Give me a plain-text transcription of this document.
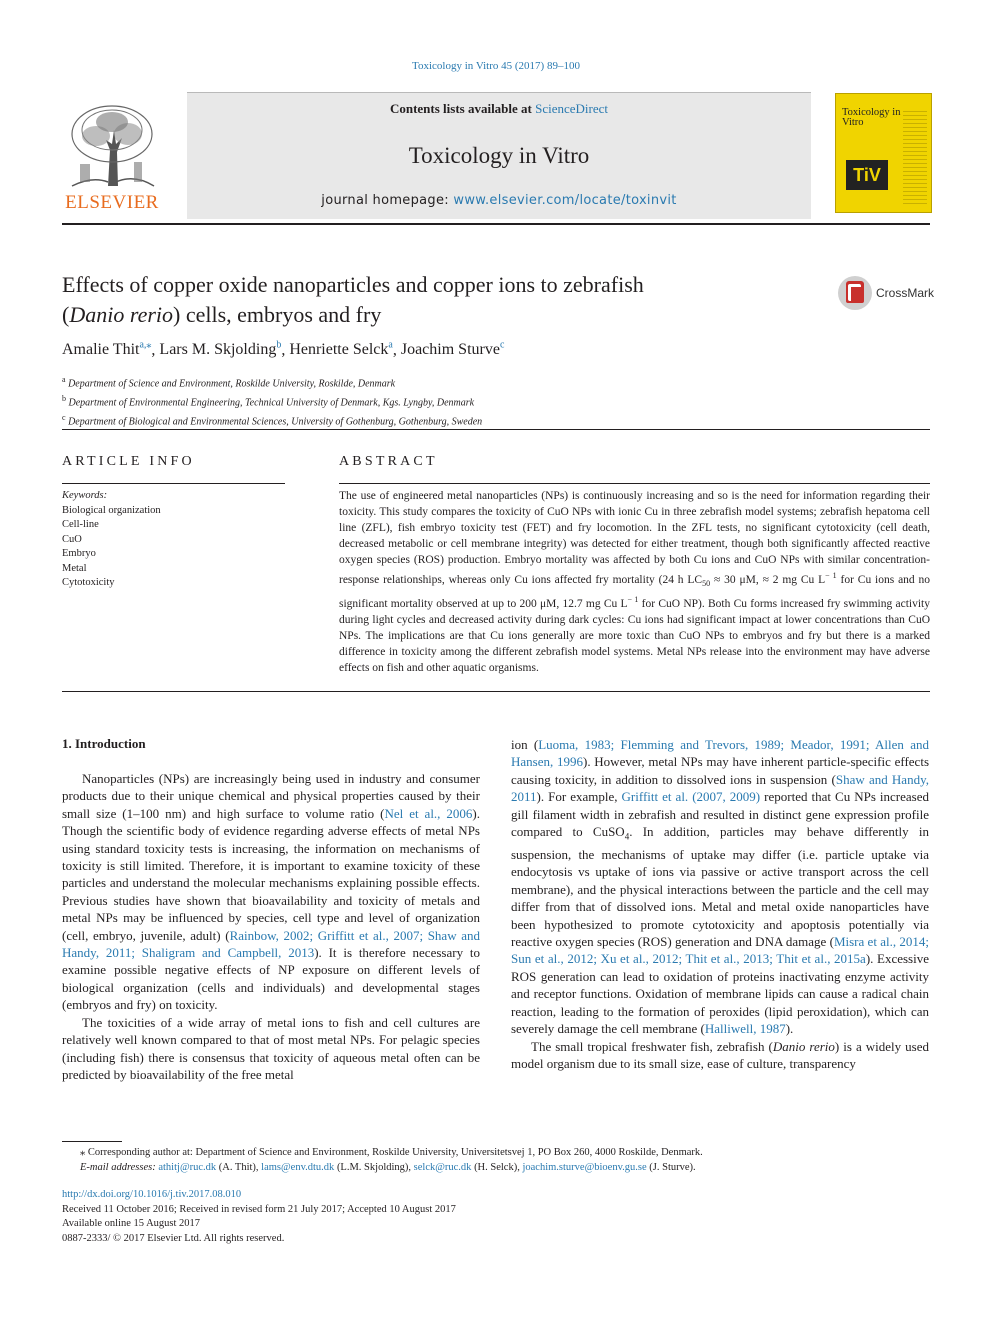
Toxicology in Vitro 45 (2017) 89–100
ELSEVIER
Contents lists available at ScienceDirect
Toxicology in Vitro
journal homepage: www.elsevier.com/locate/toxinvit
Toxicology in Vitro
TiV
Effects of copper oxide nanoparticles and copper ions to zebrafish
(Danio rerio) cells, embryos and fry
CrossMark
Amalie Thit$^{a,⁎}$, Lars M. Skjolding$^b$, Henriette Selck$^a$, Joachim Sturve$^c$
$^a$ Department of Science and Environment, Roskilde University, Roskilde, Denmark
$^b$ Department of Environmental Engineering, Technical University of Denmark, Kgs. Lyngby, Denmark
$^c$ Department of Biological and Environmental Sciences, University of Gothenburg, Gothenburg, Sweden
ARTICLE INFO	ABSTRACT
Keywords:
Biological organization
Cell-line
CuO
Embryo
Metal
Cytotoxicity
The use of engineered metal nanoparticles (NPs) is continuously increasing and so is the need for information regarding their toxicity. This study compares the toxicity of CuO NPs with ionic Cu in three zebrafish model systems; zebrafish hepatoma cell line (ZFL), fish embryo toxicity test (FET) and fry locomotion. In the ZFL tests, no significant cytotoxicity (cell death, decreased metabolic or cell membrane integrity) was detected for either treatment, though both significantly affected reactive oxygen species (ROS) production. Embryo mortality was affected by both Cu ions and CuO NPs with similar concentration-response relationships, whereas only Cu ions affected fry mortality (24 h $LC_{50} \approx 30$ μM, ≈ 2 mg Cu $L^{- 1}$ for Cu ions and no significant mortality observed at up to 200 μM, 12.7 mg Cu $L^{- 1}$ for CuO NP). Both Cu forms increased fry swimming activity during light cycles and decreased activity during dark cycles: Cu ions had significant impact at lower concentrations than CuO NPs. The implications are that Cu ions generally are more toxic than CuO NPs to embryos and fry but there is a marked difference in toxicity among the different zebrafish model systems. Metal NPs release into the environment may have adverse effects on fish and other aquatic organisms.
1. Introduction

Nanoparticles (NPs) are increasingly being used in industry and consumer products due to their unique chemical and physical properties caused by their small size (1–100 nm) and high surface to volume ratio (Nel et al., 2006). Though the scientific body of evidence regarding adverse effects of metal NPs using standard toxicity tests is increasing, the information on mechanisms of toxicity is still limited. Therefore, it is important to examine toxicity of these particles and understand the molecular mechanisms explaining possible effects. Previous studies have shown that bioavailability and toxicity of metals and metal NPs may be influenced by species, cell type and level of organization (cell, embryo, juvenile, adult) (Rainbow, 2002; Griffitt et al., 2007; Shaw and Handy, 2011; Shaligram and Campbell, 2013). It is therefore necessary to examine possible negative effects of NP exposure on different levels of biological organization (cells and individuals) and developmental stages (embryos and fry) on toxicity.

The toxicities of a wide array of metal ions to fish and cell cultures are relatively well known compared to that of most metal NPs. For pelagic species (including fish) there is consensus that toxicity of aqueous metal often can be predicted by bioavailability of the free metal

ion (Luoma, 1983; Flemming and Trevors, 1989; Meador, 1991; Allen and Hansen, 1996). However, metal NPs may have inherent particle-specific effects causing toxicity, in addition to dissolved ions in suspension (Shaw and Handy, 2011). For example, Griffitt et al. (2007, 2009) reported that Cu NPs increased gill filament width in zebrafish and resulted in distinct gene expression profile compared to CuSO$_4$. In addition, particles may behave differently in suspension, the mechanisms of uptake may differ (i.e. particle uptake via endocytosis vs uptake of ions via passive or active transport across the cell membrane), and the physical interactions between the particle and the cell may differ from that of dissolved ions. Metal and metal oxide nanoparticles have been hypothesized to promote cytotoxicity and apoptosis potentially via reactive oxygen species (ROS) generation and DNA damage (Misra et al., 2014; Sun et al., 2012; Xu et al., 2012; Thit et al., 2013; Thit et al., 2015a). Excessive ROS generation can lead to oxidation of proteins inactivating enzyme activity and receptor functions. Oxidation of membrane lipids can cause a radical chain reaction, leading to the formation of peroxides (lipid peroxidation), which can severely damage the cell membrane (Halliwell, 1987).

The small tropical freshwater fish, zebrafish (Danio rerio) is a widely used model organism due to its small size, ease of culture, transparency

⁎ Corresponding author at: Department of Science and Environment, Roskilde University, Universitetsvej 1, PO Box 260, 4000 Roskilde, Denmark.
E-mail addresses: athitj@ruc.dk (A. Thit), lams@env.dtu.dk (L.M. Skjolding), selck@ruc.dk (H. Selck), joachim.sturve@bioenv.gu.se (J. Sturve).
http://dx.doi.org/10.1016/j.tiv.2017.08.010
Received 11 October 2016; Received in revised form 21 July 2017; Accepted 10 August 2017
Available online 15 August 2017
0887-2333/ © 2017 Elsevier Ltd. All rights reserved.
